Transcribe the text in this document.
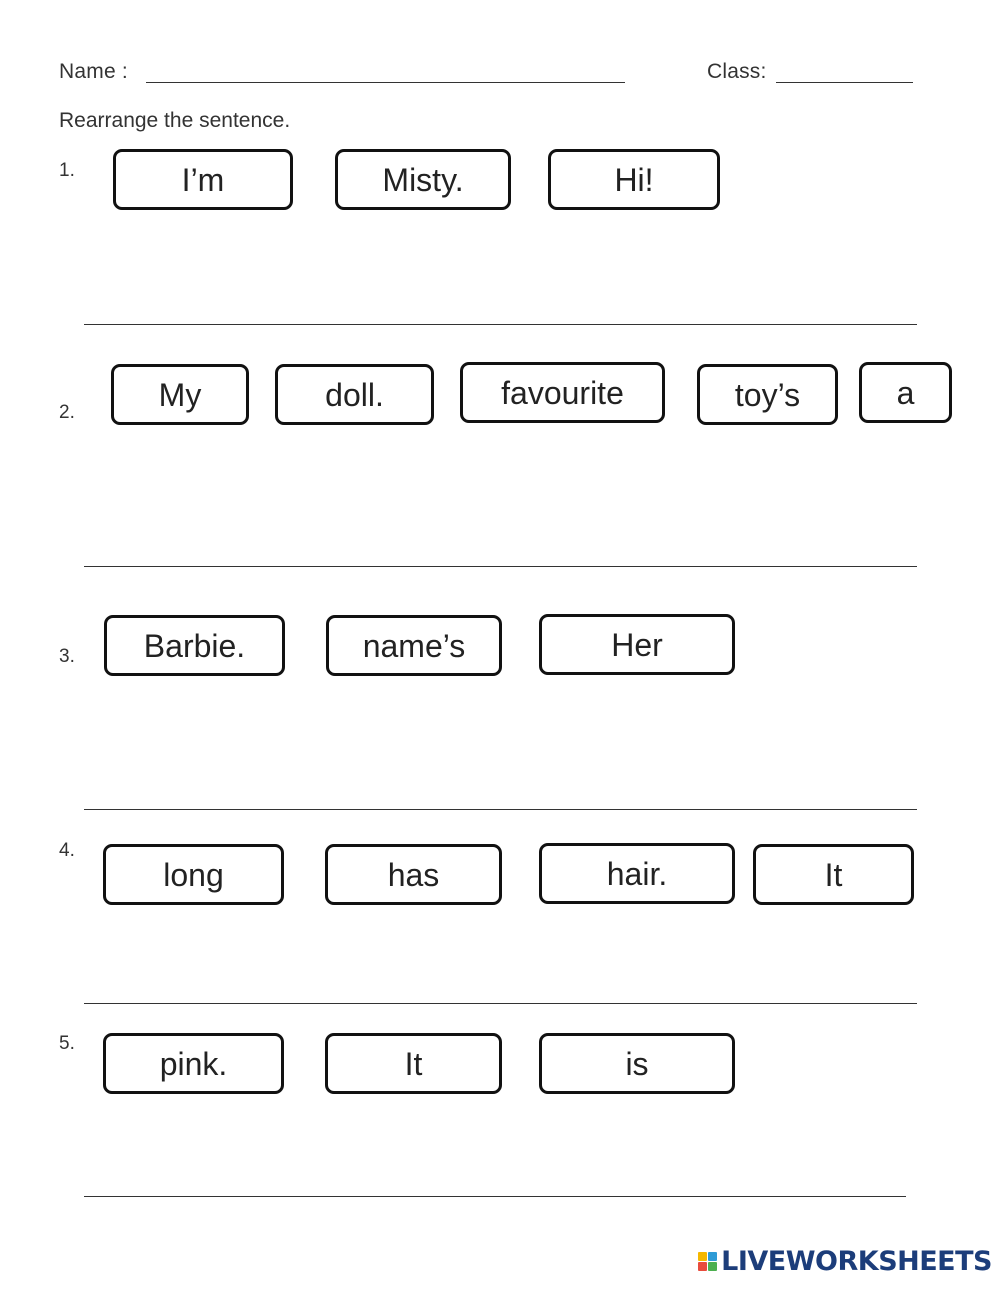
Name :	Class:
Rearrange the sentence.
1.	I’m	Misty.	Hi!
2.	My	doll.	favourite	toy’s	a
3.	Barbie.	name’s	Her
4.
long	has	hair.	It
5.
pink.	It	is
LIVEWORKSHEETS
